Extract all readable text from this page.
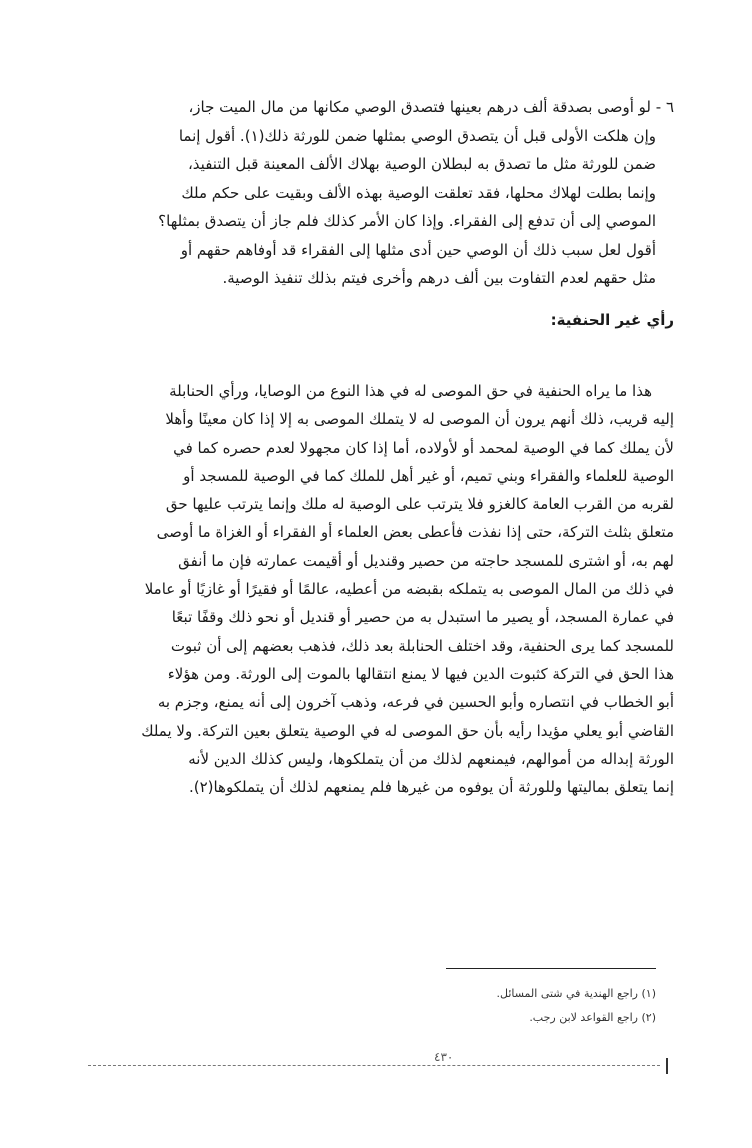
٦ - لو أوصى بصدقة ألف درهم بعينها فتصدق الوصي مكانها من مال الميت جاز،
وإن هلكت الأولى قبل أن يتصدق الوصي بمثلها ضمن للورثة ذلك(١). أقول إنما
ضمن للورثة مثل ما تصدق به لبطلان الوصية بهلاك الألف المعينة قبل التنفيذ،
وإنما بطلت لهلاك محلها، فقد تعلقت الوصية بهذه الألف وبقيت على حكم ملك
الموصي إلى أن تدفع إلى الفقراء. وإذا كان الأمر كذلك فلم جاز أن يتصدق بمثلها؟
أقول لعل سبب ذلك أن الوصي حين أدى مثلها إلى الفقراء قد أوفاهم حقهم أو
مثل حقهم لعدم التفاوت بين ألف درهم وأخرى فيتم بذلك تنفيذ الوصية.
رأي غير الحنفية:
هذا ما يراه الحنفية في حق الموصى له في هذا النوع من الوصايا، ورأي الحنابلة
إليه قريب، ذلك أنهم يرون أن الموصى له لا يتملك الموصى به إلا إذا كان معينًا وأهلا
لأن يملك كما في الوصية لمحمد أو لأولاده، أما إذا كان مجهولا لعدم حصره كما في
الوصية للعلماء والفقراء وبني تميم، أو غير أهل للملك كما في الوصية للمسجد أو
لقربه من القرب العامة كالغزو فلا يترتب على الوصية له ملك وإنما يترتب عليها حق
متعلق بثلث التركة، حتى إذا نفذت فأعطى بعض العلماء أو الفقراء أو الغزاة ما أوصى
لهم به، أو اشترى للمسجد حاجته من حصير وقنديل أو أقيمت عمارته فإن ما أنفق
في ذلك من المال الموصى به يتملكه بقبضه من أعطيه، عالمًا أو فقيرًا أو غازيًا أو عاملا
في عمارة المسجد، أو يصير ما استبدل به من حصير أو قنديل أو نحو ذلك وقفًا تبعًا
للمسجد كما يرى الحنفية، وقد اختلف الحنابلة بعد ذلك، فذهب بعضهم إلى أن ثبوت
هذا الحق في التركة كثبوت الدين فيها لا يمنع انتقالها بالموت إلى الورثة. ومن هؤلاء
أبو الخطاب في انتصاره وأبو الحسين في فرعه، وذهب آخرون إلى أنه يمنع، وجزم به
القاضي أبو يعلي مؤيدا رأيه بأن حق الموصى له في الوصية يتعلق بعين التركة. ولا يملك
الورثة إبداله من أموالهم، فيمنعهم لذلك من أن يتملكوها، وليس كذلك الدين لأنه
إنما يتعلق بماليتها وللورثة أن يوفوه من غيرها فلم يمنعهم لذلك أن يتملكوها(٢).
(١) راجع الهندية في شتى المسائل.
(٢) راجع القواعد لابن رجب.
٤٣٠
